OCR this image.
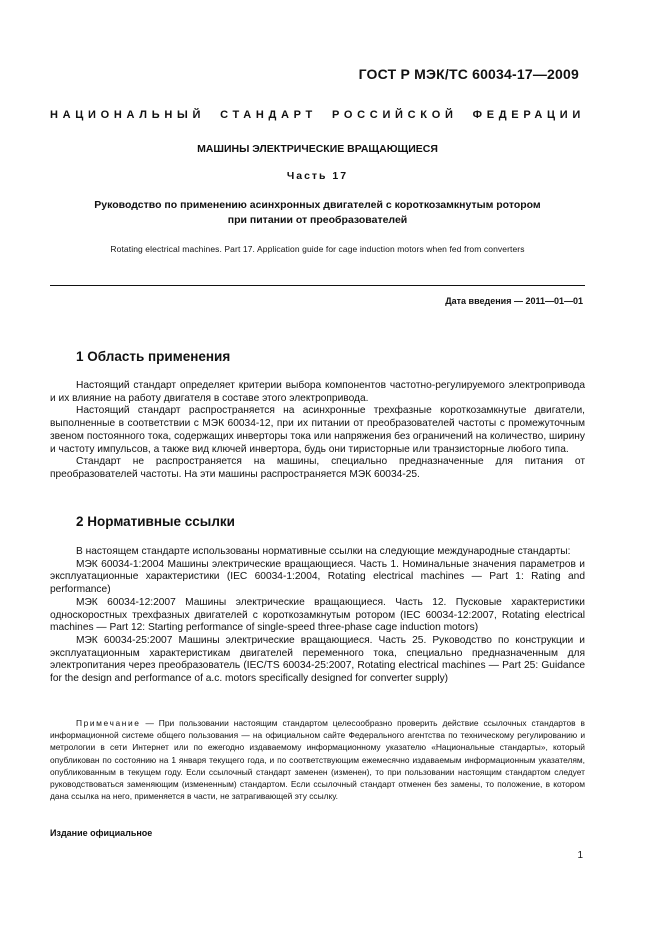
ГОСТ Р МЭК/ТС 60034-17—2009
НАЦИОНАЛЬНЫЙ СТАНДАРТ РОССИЙСКОЙ ФЕДЕРАЦИИ
МАШИНЫ ЭЛЕКТРИЧЕСКИЕ ВРАЩАЮЩИЕСЯ
Часть 17
Руководство по применению асинхронных двигателей с короткозамкнутым ротором
при питании от преобразователей
Rotating electrical machines. Part 17. Application guide for cage induction motors when fed from converters
Дата введения — 2011—01—01
1 Область применения

Настоящий стандарт определяет критерии выбора компонентов частотно-регулируемого электропривода и их влияние на работу двигателя в составе этого электропривода.

Настоящий стандарт распространяется на асинхронные трехфазные короткозамкнутые двигатели, выполненные в соответствии с МЭК 60034-12, при их питании от преобразователей частоты с промежуточным звеном постоянного тока, содержащих инверторы тока или напряжения без ограничений на количество, ширину и частоту импульсов, а также вид ключей инвертора, будь они тиристорные или транзисторные любого типа.

Стандарт не распространяется на машины, специально предназначенные для питания от преобразователей частоты. На эти машины распространяется МЭК 60034-25.

2 Нормативные ссылки

В настоящем стандарте использованы нормативные ссылки на следующие международные стандарты:

МЭК 60034-1:2004 Машины электрические вращающиеся. Часть 1. Номинальные значения параметров и эксплуатационные характеристики (IEC 60034-1:2004, Rotating electrical machines — Part 1: Rating and performance)

МЭК 60034-12:2007 Машины электрические вращающиеся. Часть 12. Пусковые характеристики односкоростных трехфазных двигателей с короткозамкнутым ротором (IEC 60034-12:2007, Rotating electrical machines — Part 12: Starting performance of single-speed three-phase cage induction motors)

МЭК 60034-25:2007 Машины электрические вращающиеся. Часть 25. Руководство по конструкции и эксплуатационным характеристикам двигателей переменного тока, специально предназначенным для электропитания через преобразователь (IEC/TS 60034-25:2007, Rotating electrical machines — Part 25: Guidance for the design and performance of a.c. motors specifically designed for converter supply)

Примечание — При пользовании настоящим стандартом целесообразно проверить действие ссылочных стандартов в информационной системе общего пользования — на официальном сайте Федерального агентства по техническому регулированию и метрологии в сети Интернет или по ежегодно издаваемому информационному указателю «Национальные стандарты», который опубликован по состоянию на 1 января текущего года, и по соответствующим ежемесячно издаваемым информационным указателям, опубликованным в текущем году. Если ссылочный стандарт заменен (изменен), то при пользовании настоящим стандартом следует руководствоваться заменяющим (измененным) стандартом. Если ссылочный стандарт отменен без замены, то положение, в котором дана ссылка на него, применяется в части, не затрагивающей эту ссылку.
Издание официальное
1
